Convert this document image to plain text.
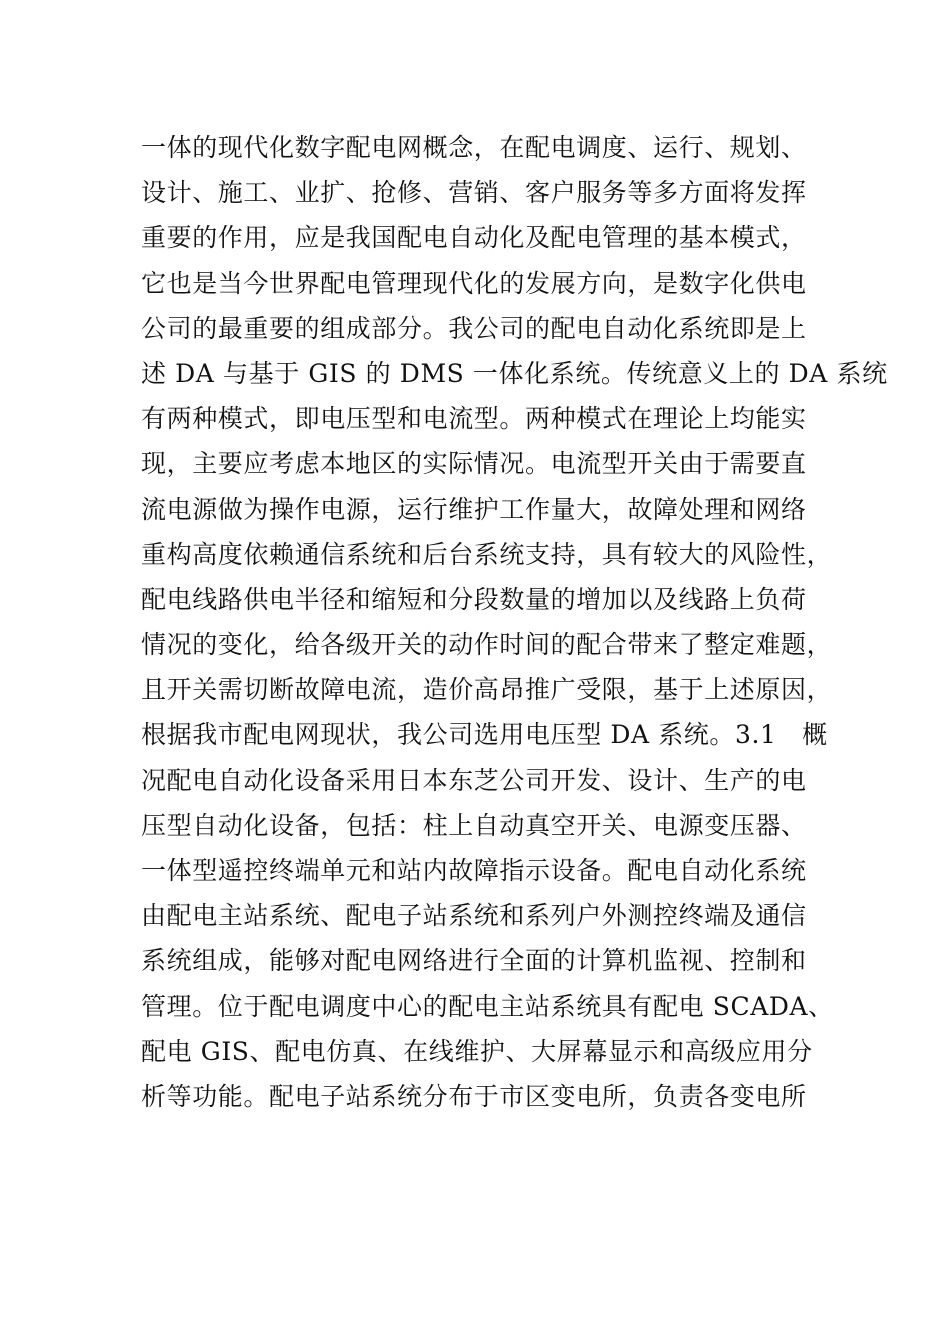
一体的现代化数字配电网概念，在配电调度、运行、规划、
设计、施工、业扩、抢修、营销、客户服务等多方面将发挥
重要的作用，应是我国配电自动化及配电管理的基本模式，
它也是当今世界配电管理现代化的发展方向，是数字化供电
公司的最重要的组成部分。我公司的配电自动化系统即是上
述 DA 与基于 GIS 的 DMS 一体化系统。传统意义上的 DA 系统
有两种模式，即电压型和电流型。两种模式在理论上均能实
现，主要应考虑本地区的实际情况。电流型开关由于需要直
流电源做为操作电源，运行维护工作量大，故障处理和网络
重构高度依赖通信系统和后台系统支持，具有较大的风险性，
配电线路供电半径和缩短和分段数量的增加以及线路上负荷
情况的变化，给各级开关的动作时间的配合带来了整定难题，
且开关需切断故障电流，造价高昂推广受限，基于上述原因，
根据我市配电网现状，我公司选用电压型 DA 系统。3.1　概
况配电自动化设备采用日本东芝公司开发、设计、生产的电
压型自动化设备，包括：柱上自动真空开关、电源变压器、
一体型遥控终端单元和站内故障指示设备。配电自动化系统
由配电主站系统、配电子站系统和系列户外测控终端及通信
系统组成，能够对配电网络进行全面的计算机监视、控制和
管理。位于配电调度中心的配电主站系统具有配电 SCADA、
配电 GIS、配电仿真、在线维护、大屏幕显示和高级应用分
析等功能。配电子站系统分布于市区变电所，负责各变电所
